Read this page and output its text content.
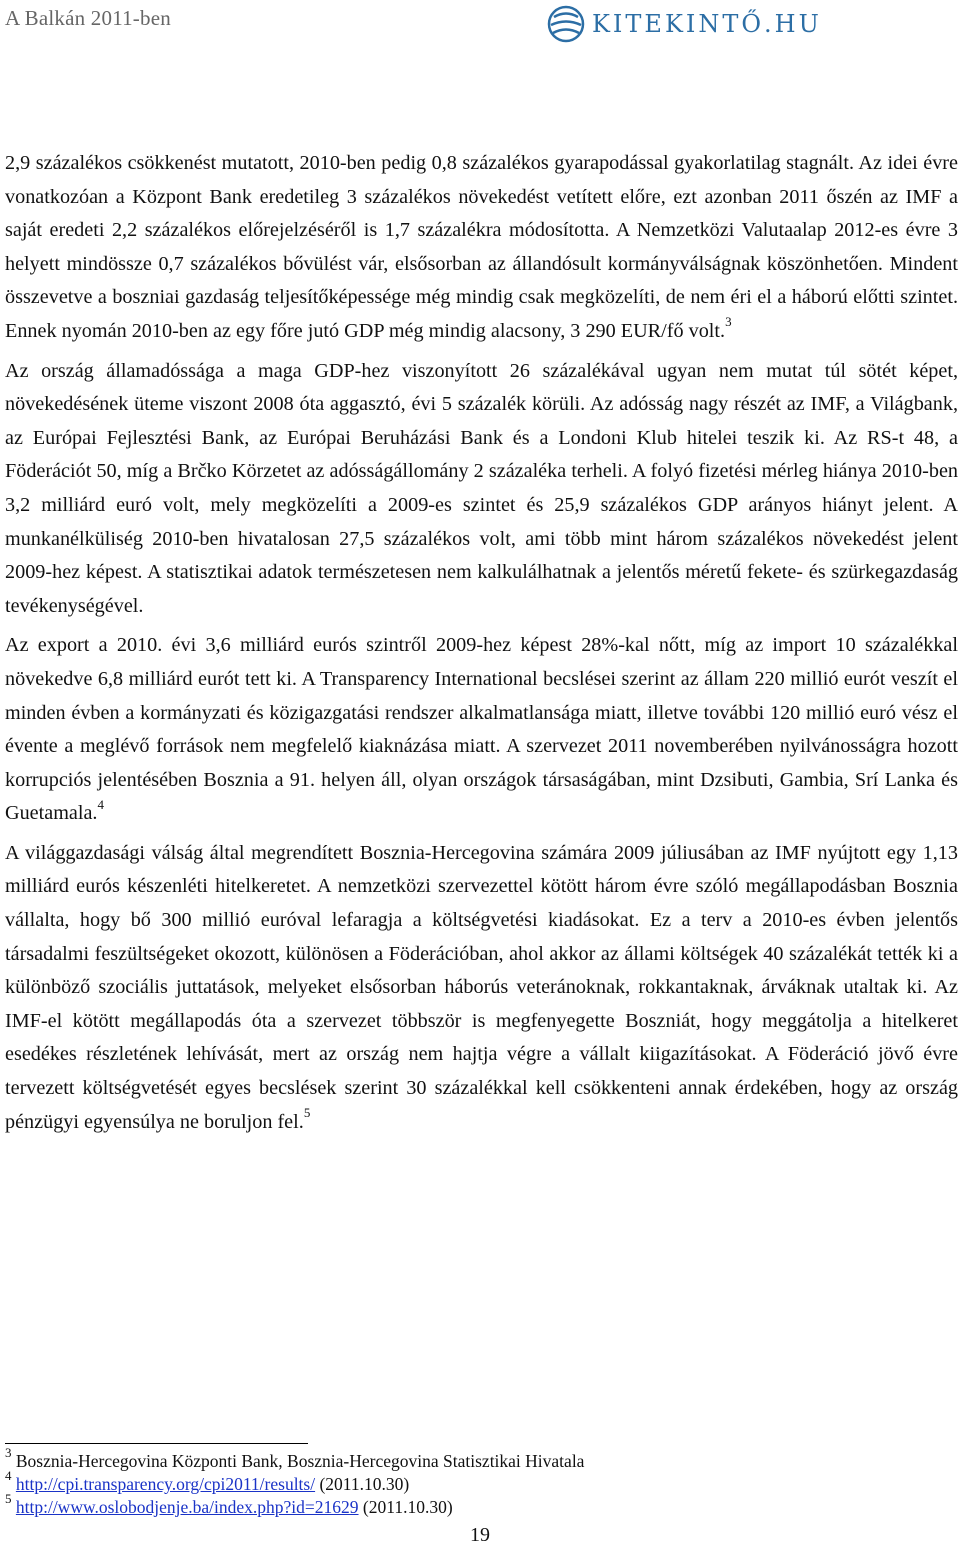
A Balkán 2011-ben	KITEKINTŐ.HU

2,9 százalékos csökkenést mutatott, 2010-ben pedig 0,8 százalékos gyarapodással gyakorlatilag stagnált. Az idei évre vonatkozóan a Központ Bank eredetileg 3 százalékos növekedést vetített előre, ezt azonban 2011 őszén az IMF a saját eredeti 2,2 százalékos előrejelzéséről is 1,7 százalékra módosította. A Nemzetközi Valutaalap 2012-es évre 3 helyett mindössze 0,7 százalékos bővülést vár, elsősorban az állandósult kormányválságnak köszönhetően. Mindent összevetve a boszniai gazdaság teljesítőképessége még mindig csak megközelíti, de nem éri el a háború előtti szintet. Ennek nyomán 2010-ben az egy főre jutó GDP még mindig alacsony, 3 290 EUR/fő volt.$^3$

Az ország államadóssága a maga GDP-hez viszonyított 26 százalékával ugyan nem mutat túl sötét képet, növekedésének üteme viszont 2008 óta aggasztó, évi 5 százalék körüli. Az adósság nagy részét az IMF, a Világbank, az Európai Fejlesztési Bank, az Európai Beruházási Bank és a Londoni Klub hitelei teszik ki. Az RS-t 48, a Föderációt 50, míg a Brčko Körzetet az adósságállomány 2 százaléka terheli. A folyó fizetési mérleg hiánya 2010-ben 3,2 milliárd euró volt, mely megközelíti a 2009-es szintet és 25,9 százalékos GDP arányos hiányt jelent. A munkanélküliség 2010-ben hivatalosan 27,5 százalékos volt, ami több mint három százalékos növekedést jelent 2009-hez képest. A statisztikai adatok természetesen nem kalkulálhatnak a jelentős méretű fekete- és szürkegazdaság tevékenységével.

Az export a 2010. évi 3,6 milliárd eurós szintről 2009-hez képest 28%-kal nőtt, míg az import 10 százalékkal növekedve 6,8 milliárd eurót tett ki. A Transparency International becslései szerint az állam 220 millió eurót veszít el minden évben a kormányzati és közigazgatási rendszer alkalmatlansága miatt, illetve további 120 millió euró vész el évente a meglévő források nem megfelelő kiaknázása miatt. A szervezet 2011 novemberében nyilvánosságra hozott korrupciós jelentésében Bosznia a 91. helyen áll, olyan országok társaságában, mint Dzsibuti, Gambia, Srí Lanka és Guetamala.$^4$

A világgazdasági válság által megrendített Bosznia-Hercegovina számára 2009 júliusában az IMF nyújtott egy 1,13 milliárd eurós készenléti hitelkeretet. A nemzetközi szervezettel kötött három évre szóló megállapodásban Bosznia vállalta, hogy bő 300 millió euróval lefaragja a költségvetési kiadásokat. Ez a terv a 2010-es évben jelentős társadalmi feszültségeket okozott, különösen a Föderációban, ahol akkor az állami költségek 40 százalékát tették ki a különböző szociális juttatások, melyeket elsősorban háborús veteránoknak, rokkantaknak, árváknak utaltak ki. Az IMF-el kötött megállapodás óta a szervezet többször is megfenyegette Boszniát, hogy meggátolja a hitelkeret esedékes részletének lehívását, mert az ország nem hajtja végre a vállalt kiigazításokat. A Föderáció jövő évre tervezett költségvetését egyes becslések szerint 30 százalékkal kell csökkenteni annak érdekében, hogy az ország pénzügyi egyensúlya ne boruljon fel.$^5$

$^3$ Bosznia-Hercegovina Központi Bank, Bosznia-Hercegovina Statisztikai Hivatala
$^4$ http://cpi.transparency.org/cpi2011/results/ (2011.10.30)
$^5$ http://www.oslobodjenje.ba/index.php?id=21629 (2011.10.30)
19
